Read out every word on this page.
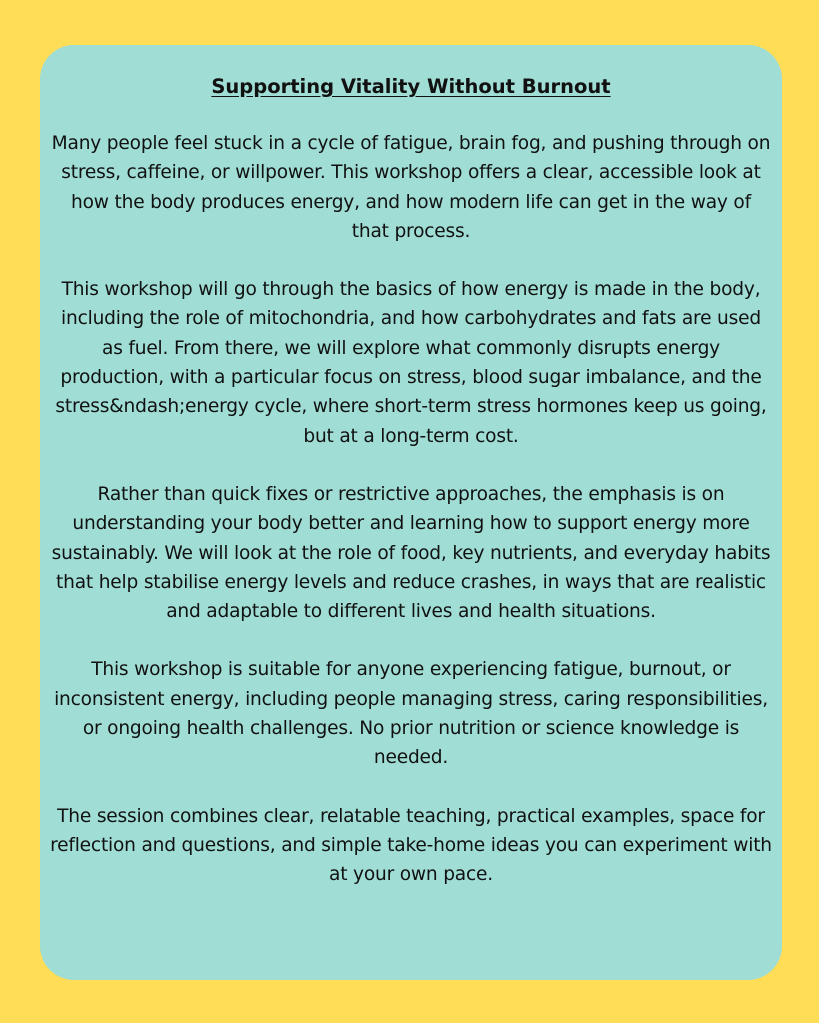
Supporting Vitality Without Burnout

Many people feel stuck in a cycle of fatigue, brain fog, and pushing through on stress, caffeine, or willpower. This workshop offers a clear, accessible look at how the body produces energy, and how modern life can get in the way of that process.

This workshop will go through the basics of how energy is made in the body, including the role of mitochondria, and how carbohydrates and fats are used as fuel. From there, we will explore what commonly disrupts energy production, with a particular focus on stress, blood sugar imbalance, and the stress&ndash;energy cycle, where short-term stress hormones keep us going, but at a long-term cost.

Rather than quick fixes or restrictive approaches, the emphasis is on understanding your body better and learning how to support energy more sustainably. We will look at the role of food, key nutrients, and everyday habits that help stabilise energy levels and reduce crashes, in ways that are realistic and adaptable to different lives and health situations.

This workshop is suitable for anyone experiencing fatigue, burnout, or inconsistent energy, including people managing stress, caring responsibilities, or ongoing health challenges. No prior nutrition or science knowledge is needed.

The session combines clear, relatable teaching, practical examples, space for reflection and questions, and simple take-home ideas you can experiment with at your own pace.
